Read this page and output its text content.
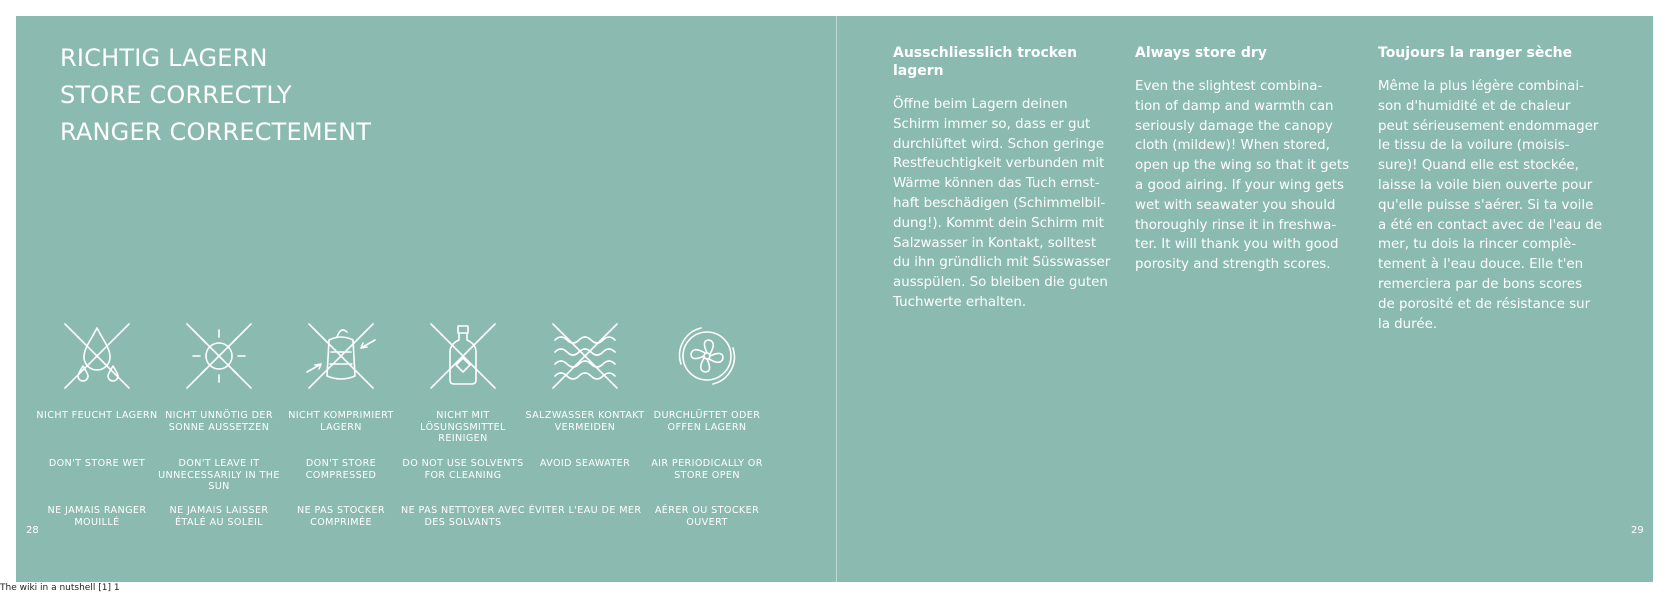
RICHTIG LAGERN
STORE CORRECTLY
RANGER CORRECTEMENT
NICHT FEUCHT LAGERN
DON'T STORE WET
NE JAMAIS RANGER MOUILLÉ
NICHT UNNÖTIG DER SONNE AUSSETZEN
DON'T LEAVE IT UNNECESSARILY IN THE SUN
NE JAMAIS LAISSER ÉTALÉ AU SOLEIL
NICHT KOMPRIMIERT LAGERN
DON'T STORE COMPRESSED
NE PAS STOCKER COMPRIMÉE
NICHT MIT LÖSUNGSMITTEL REINIGEN
DO NOT USE SOLVENTS FOR CLEANING
NE PAS NETTOYER AVEC DES SOLVANTS
SALZWASSER KONTAKT VERMEIDEN
AVOID SEAWATER
ÉVITER L'EAU DE MER
DURCHLÜFTET ODER OFFEN LAGERN
AIR PERIODICALLY OR STORE OPEN
AÉRER OU STOCKER OUVERT
28
Ausschliesslich trocken lagern

Öffne beim Lagern deinen
Schirm immer so, dass er gut
durchlüftet wird. Schon geringe
Restfeuchtigkeit verbunden mit
Wärme können das Tuch ernst-
haft beschädigen (Schimmelbil-
dung!). Kommt dein Schirm mit
Salzwasser in Kontakt, solltest
du ihn gründlich mit Süsswasser
ausspülen. So bleiben die guten
Tuchwerte erhalten.

Always store dry

Even the slightest combina-
tion of damp and warmth can
seriously damage the canopy
cloth (mildew)! When stored,
open up the wing so that it gets
a good airing. If your wing gets
wet with seawater you should
thoroughly rinse it in freshwa-
ter. It will thank you with good
porosity and strength scores.

Toujours la ranger sèche

Même la plus légère combinai-
son d'humidité et de chaleur
peut sérieusement endommager
le tissu de la voilure (moisis-
sure)! Quand elle est stockée,
laisse la voile bien ouverte pour
qu'elle puisse s'aérer. Si ta voile
a été en contact avec de l'eau de
mer, tu dois la rincer complè-
tement à l'eau douce. Elle t'en
remerciera par de bons scores
de porosité et de résistance sur
la durée.

29
The wiki in a nutshell [1] 1
